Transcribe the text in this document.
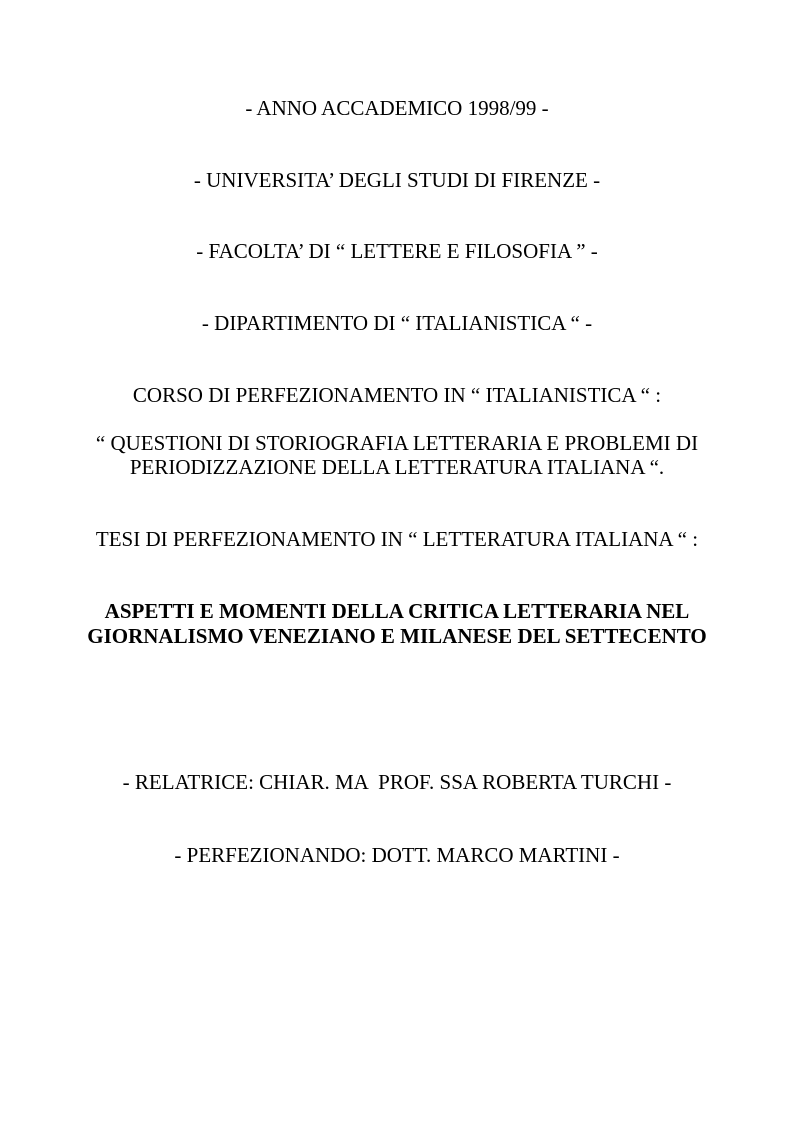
- ANNO ACCADEMICO 1998/99 -
- UNIVERSITA’ DEGLI STUDI DI FIRENZE -
- FACOLTA’ DI “ LETTERE E FILOSOFIA ” -
- DIPARTIMENTO DI “ ITALIANISTICA “ -
CORSO DI PERFEZIONAMENTO IN “ ITALIANISTICA “ :
“ QUESTIONI DI STORIOGRAFIA LETTERARIA E PROBLEMI DI
PERIODIZZAZIONE DELLA LETTERATURA ITALIANA “.
TESI DI PERFEZIONAMENTO IN “ LETTERATURA ITALIANA “ :
ASPETTI E MOMENTI DELLA CRITICA LETTERARIA NEL
GIORNALISMO VENEZIANO E MILANESE DEL SETTECENTO
- RELATRICE: CHIAR. MA  PROF. SSA ROBERTA TURCHI -
- PERFEZIONANDO: DOTT. MARCO MARTINI -
